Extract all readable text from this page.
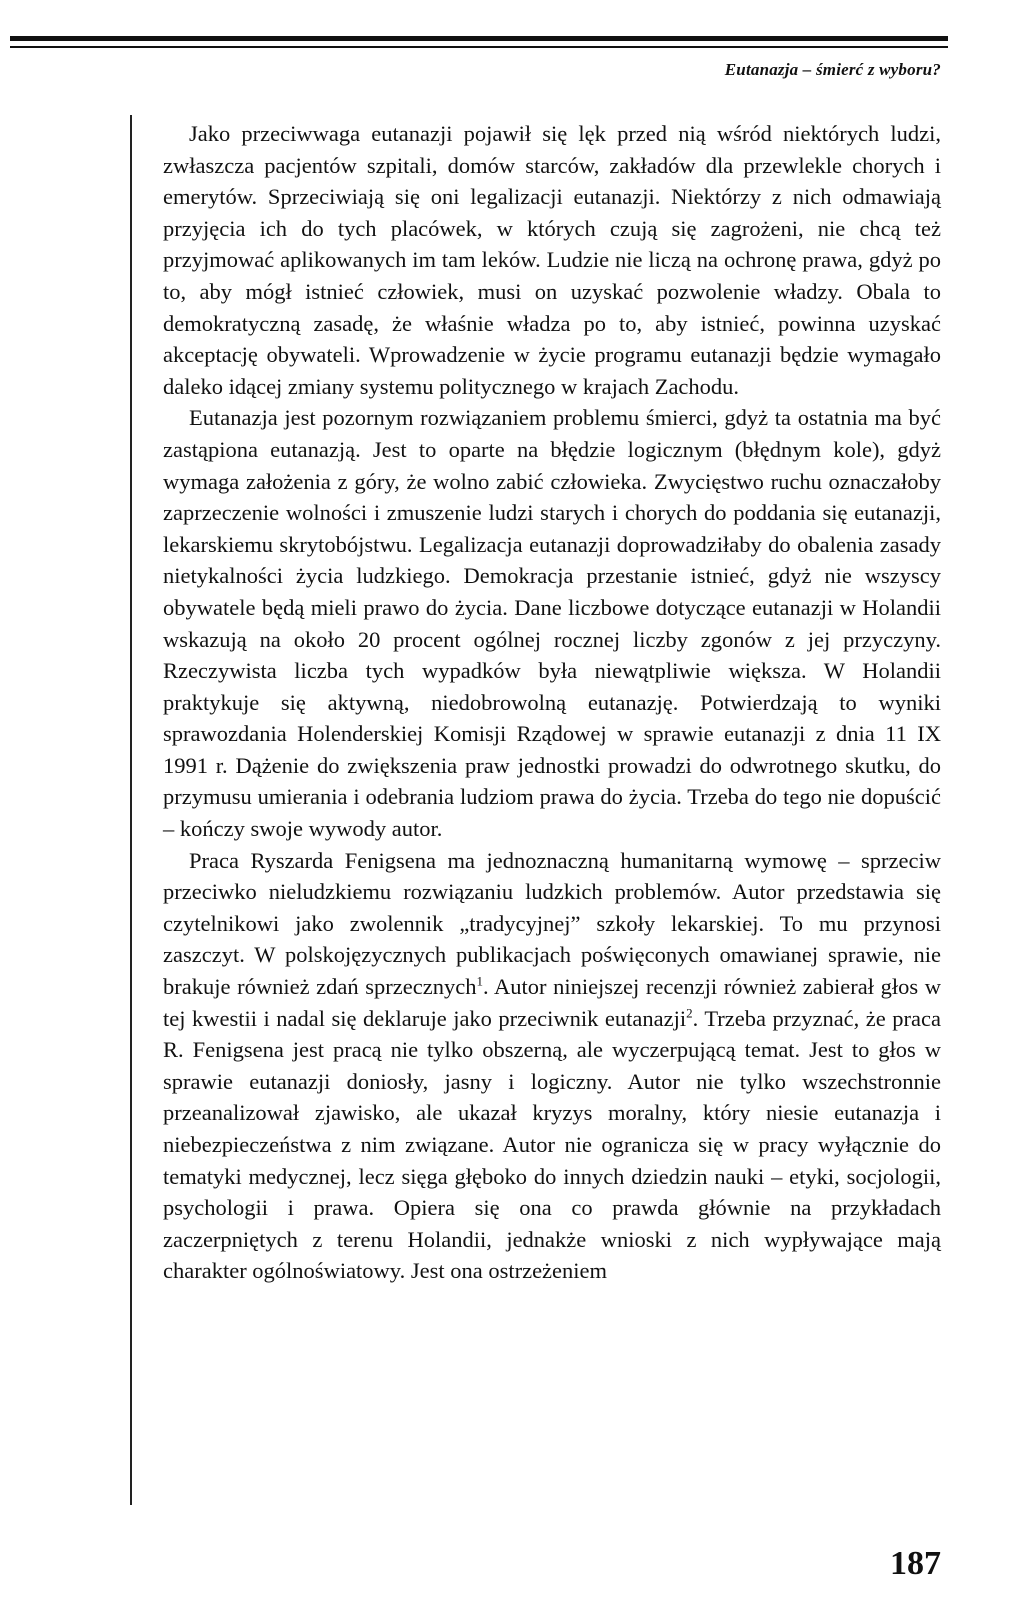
Eutanazja – śmierć z wyboru?

Jako przeciwwaga eutanazji pojawił się lęk przed nią wśród niektórych ludzi, zwłaszcza pacjentów szpitali, domów starców, zakładów dla przewlekle chorych i emerytów. Sprzeciwiają się oni legalizacji eutanazji. Niektórzy z nich odmawiają przyjęcia ich do tych placówek, w których czują się zagrożeni, nie chcą też przyjmować aplikowanych im tam leków. Ludzie nie liczą na ochronę prawa, gdyż po to, aby mógł istnieć człowiek, musi on uzyskać pozwolenie władzy. Obala to demokratyczną zasadę, że właśnie władza po to, aby istnieć, powinna uzyskać akceptację obywateli. Wprowadzenie w życie programu eutanazji będzie wymagało daleko idącej zmiany systemu politycznego w krajach Zachodu.

Eutanazja jest pozornym rozwiązaniem problemu śmierci, gdyż ta ostatnia ma być zastąpiona eutanazją. Jest to oparte na błędzie logicznym (błędnym kole), gdyż wymaga założenia z góry, że wolno zabić człowieka. Zwycięstwo ruchu oznaczałoby zaprzeczenie wolności i zmuszenie ludzi starych i chorych do poddania się eutanazji, lekarskiemu skrytobójstwu. Legalizacja eutanazji doprowadziłaby do obalenia zasady nietykalności życia ludzkiego. Demokracja przestanie istnieć, gdyż nie wszyscy obywatele będą mieli prawo do życia. Dane liczbowe dotyczące eutanazji w Holandii wskazują na około 20 procent ogólnej rocznej liczby zgonów z jej przyczyny. Rzeczywista liczba tych wypadków była niewątpliwie większa. W Holandii praktykuje się aktywną, niedobrowolną eutanazję. Potwierdzają to wyniki sprawozdania Holenderskiej Komisji Rządowej w sprawie eutanazji z dnia 11 IX 1991 r. Dążenie do zwiększenia praw jednostki prowadzi do odwrotnego skutku, do przymusu umierania i odebrania ludziom prawa do życia. Trzeba do tego nie dopuścić – kończy swoje wywody autor.

Praca Ryszarda Fenigsena ma jednoznaczną humanitarną wymowę – sprzeciw przeciwko nieludzkiemu rozwiązaniu ludzkich problemów. Autor przedstawia się czytelnikowi jako zwolennik „tradycyjnej” szkoły lekarskiej. To mu przynosi zaszczyt. W polskojęzycznych publikacjach poświęconych omawianej sprawie, nie brakuje również zdań sprzecznych$^1$. Autor niniejszej recenzji również zabierał głos w tej kwestii i nadal się deklaruje jako przeciwnik eutanazji$^2$. Trzeba przyznać, że praca R. Fenigsena jest pracą nie tylko obszerną, ale wyczerpującą temat. Jest to głos w sprawie eutanazji doniosły, jasny i logiczny. Autor nie tylko wszechstronnie przeanalizował zjawisko, ale ukazał kryzys moralny, który niesie eutanazja i niebezpieczeństwa z nim związane. Autor nie ogranicza się w pracy wyłącznie do tematyki medycznej, lecz sięga głęboko do innych dziedzin nauki – etyki, socjologii, psychologii i prawa. Opiera się ona co prawda głównie na przykładach zaczerpniętych z terenu Holandii, jednakże wnioski z nich wypływające mają charakter ogólnoświatowy. Jest ona ostrzeżeniem

187
